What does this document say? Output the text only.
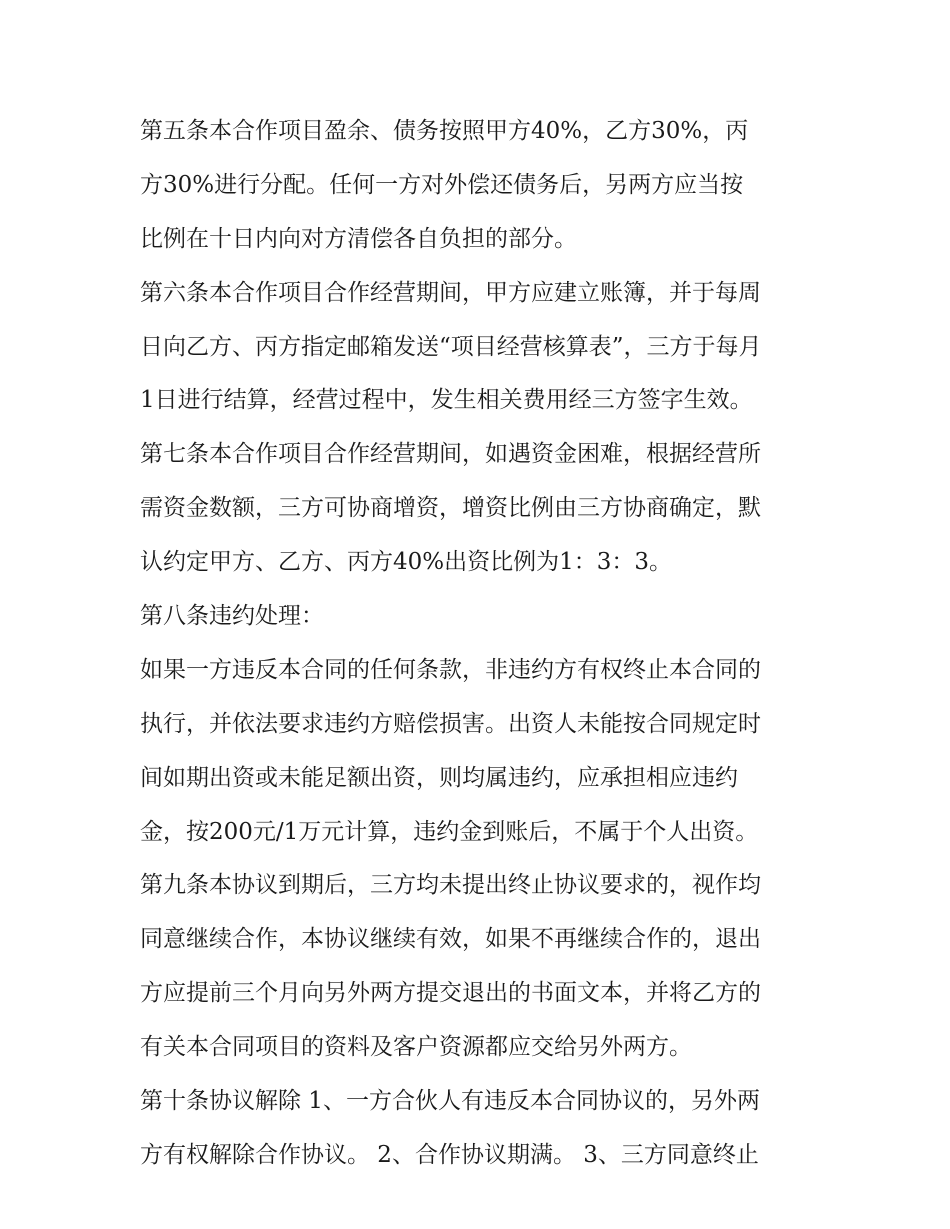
第五条本合作项目盈余、债务按照甲方40%，乙方30%，丙
方30%进行分配。任何一方对外偿还债务后，另两方应当按
比例在十日内向对方清偿各自负担的部分。
第六条本合作项目合作经营期间，甲方应建立账簿，并于每周
日向乙方、丙方指定邮箱发送“项目经营核算表”，三方于每月
1日进行结算，经营过程中，发生相关费用经三方签字生效。
第七条本合作项目合作经营期间，如遇资金困难，根据经营所
需资金数额，三方可协商增资，增资比例由三方协商确定，默
认约定甲方、乙方、丙方40%出资比例为1：3：3。
第八条违约处理：
如果一方违反本合同的任何条款，非违约方有权终止本合同的
执行，并依法要求违约方赔偿损害。出资人未能按合同规定时
间如期出资或未能足额出资，则均属违约，应承担相应违约
金，按200元/1万元计算，违约金到账后，不属于个人出资。
第九条本协议到期后，三方均未提出终止协议要求的，视作均
同意继续合作，本协议继续有效，如果不再继续合作的，退出
方应提前三个月向另外两方提交退出的书面文本，并将乙方的
有关本合同项目的资料及客户资源都应交给另外两方。
第十条协议解除 1、一方合伙人有违反本合同协议的，另外两
方有权解除合作协议。 2、合作协议期满。 3、三方同意终止
